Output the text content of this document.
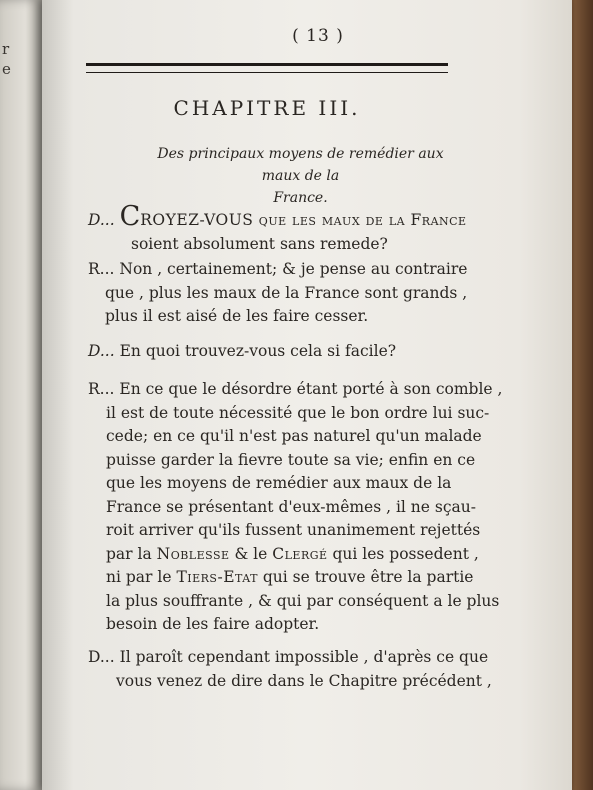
r
e
( 13 )
CHAPITRE III.
Des principaux moyens de remédier aux maux de la
France.
D... CROYEZ-VOUS que les maux de la France
soient absolument sans remede?
R... Non , certainement; & je pense au contraire
que , plus les maux de la France sont grands ,
plus il est aisé de les faire cesser.
D... En quoi trouvez-vous cela si facile?
R... En ce que le désordre étant porté à son comble ,
il est de toute nécessité que le bon ordre lui suc-
cede; en ce qu'il n'est pas naturel qu'un malade
puisse garder la fievre toute sa vie; enfin en ce
que les moyens de remédier aux maux de la
France se présentant d'eux-mêmes , il ne sçau-
roit arriver qu'ils fussent unanimement rejettés
par la Noblesse & le Clergé qui les possedent ,
ni par le Tiers-Etat qui se trouve être la partie
la plus souffrante , & qui par conséquent a le plus
besoin de les faire adopter.
D... Il paroît cependant impossible , d'après ce que
vous venez de dire dans le Chapitre précédent ,
